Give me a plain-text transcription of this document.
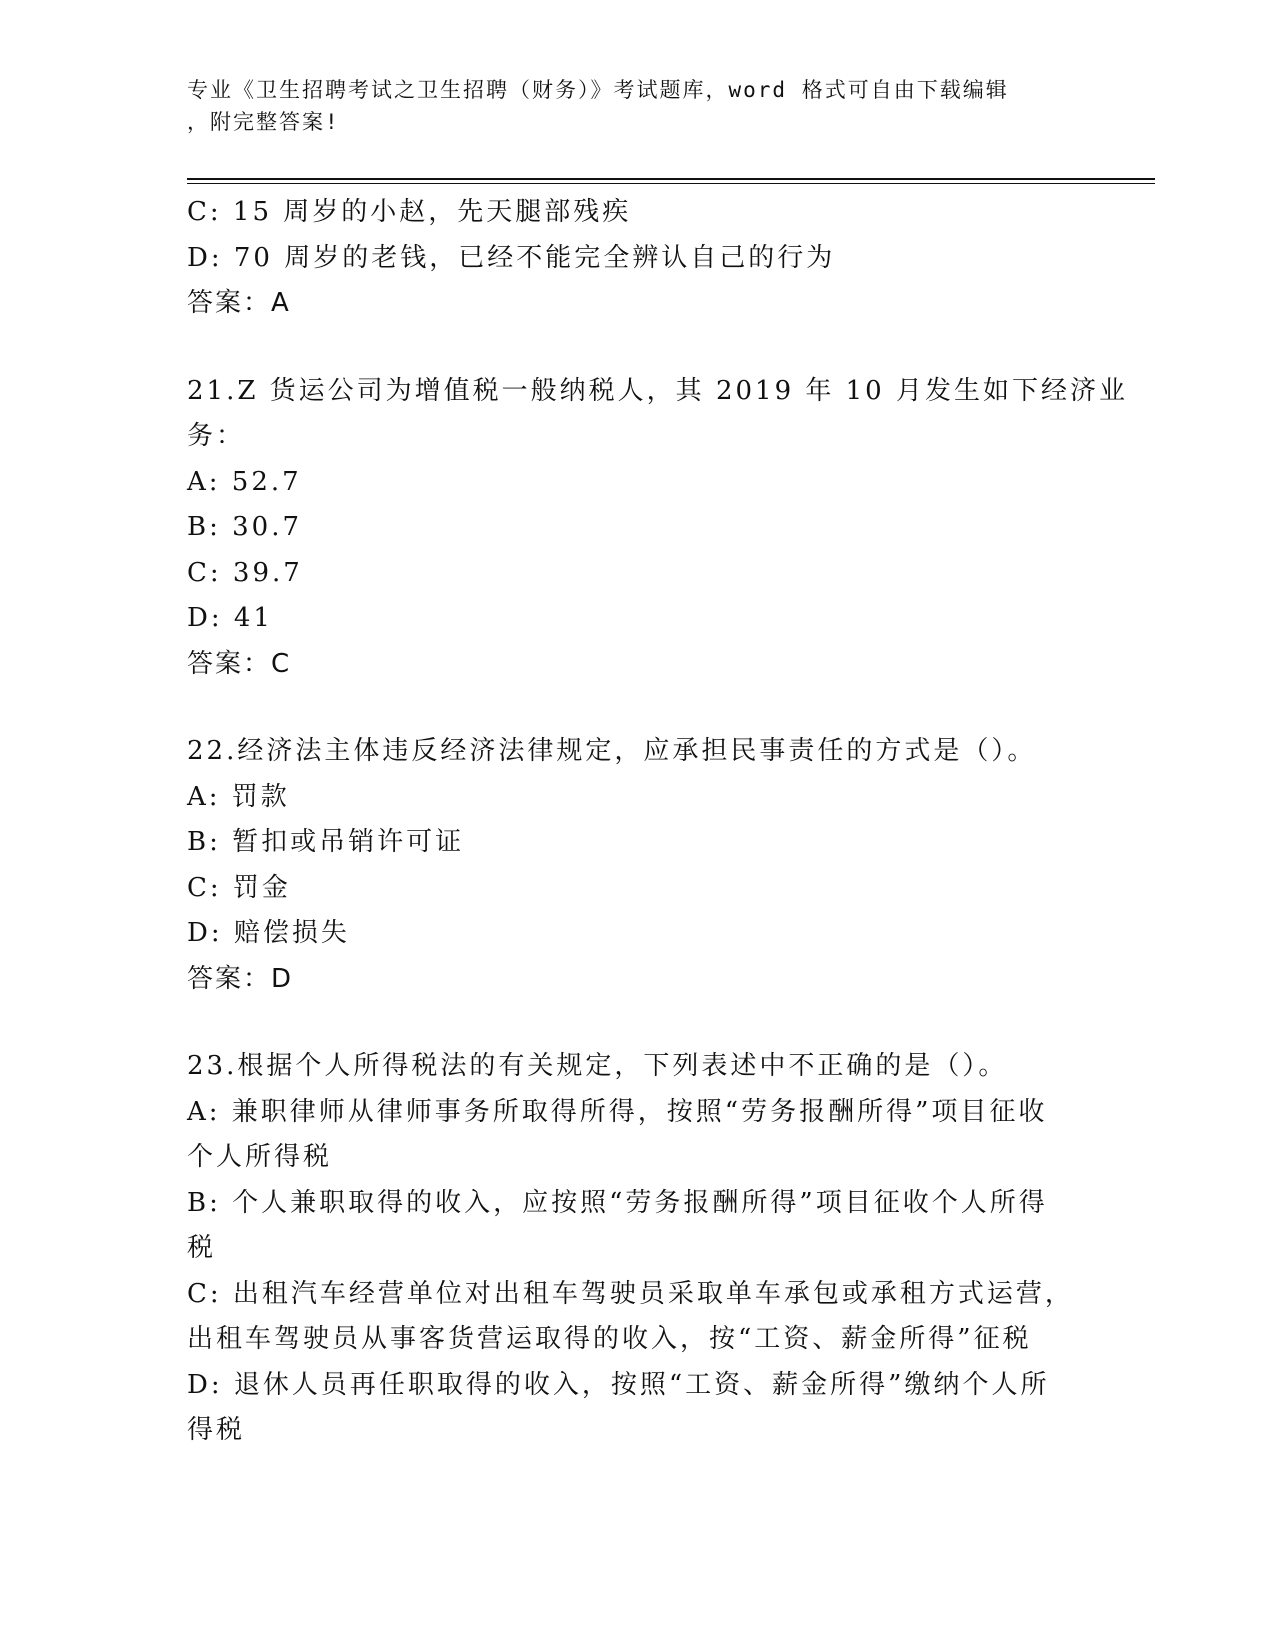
专业《卫生招聘考试之卫生招聘（财务）》考试题库，word 格式可自由下载编辑
，附完整答案!
C: 15 周岁的小赵，先天腿部残疾
D: 70 周岁的老钱，已经不能完全辨认自己的行为
答案：A
21.Z 货运公司为增值税一般纳税人，其 2019 年 10 月发生如下经济业
务：
A: 52.7
B: 30.7
C: 39.7
D: 41
答案：C
22.经济法主体违反经济法律规定，应承担民事责任的方式是（）。
A: 罚款
B: 暂扣或吊销许可证
C: 罚金
D: 赔偿损失
答案：D
23.根据个人所得税法的有关规定，下列表述中不正确的是（）。
A: 兼职律师从律师事务所取得所得，按照“劳务报酬所得”项目征收
个人所得税
B: 个人兼职取得的收入，应按照“劳务报酬所得”项目征收个人所得
税
C: 出租汽车经营单位对出租车驾驶员采取单车承包或承租方式运营，
出租车驾驶员从事客货营运取得的收入，按“工资、薪金所得”征税
D: 退休人员再任职取得的收入，按照“工资、薪金所得”缴纳个人所
得税
